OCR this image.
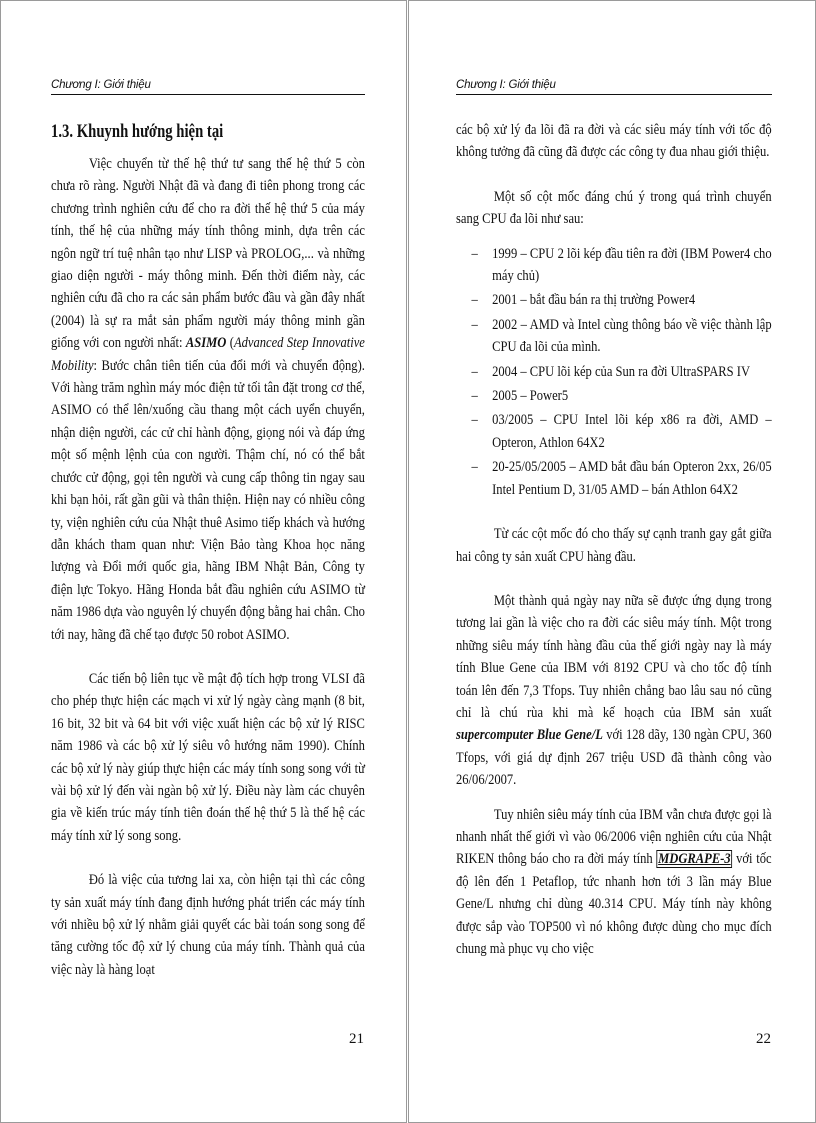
Chương I: Giới thiệu
1.3. Khuynh hướng hiện tại

Việc chuyển từ thế hệ thứ tư sang thế hệ thứ 5 còn chưa rõ ràng. Người Nhật đã và đang đi tiên phong trong các chương trình nghiên cứu để cho ra đời thế hệ thứ 5 của máy tính, thế hệ của những máy tính thông minh, dựa trên các ngôn ngữ trí tuệ nhân tạo như LISP và PROLOG,... và những giao diện người - máy thông minh. Đến thời điểm này, các nghiên cứu đã cho ra các sản phẩm bước đầu và gần đây nhất (2004) là sự ra mắt sản phẩm người máy thông minh gần giống với con người nhất: ASIMO (Advanced Step Innovative Mobility: Bước chân tiên tiến của đổi mới và chuyển động). Với hàng trăm nghìn máy móc điện tử tối tân đặt trong cơ thể, ASIMO có thể lên/xuống cầu thang một cách uyển chuyển, nhận diện người, các cử chỉ hành động, giọng nói và đáp ứng một số mệnh lệnh của con người. Thậm chí, nó có thể bắt chước cử động, gọi tên người và cung cấp thông tin ngay sau khi bạn hỏi, rất gần gũi và thân thiện. Hiện nay có nhiều công ty, viện nghiên cứu của Nhật thuê Asimo tiếp khách và hướng dẫn khách tham quan như: Viện Bảo tàng Khoa học năng lượng và Đổi mới quốc gia, hãng IBM Nhật Bản, Công ty điện lực Tokyo. Hãng Honda bắt đầu nghiên cứu ASIMO từ năm 1986 dựa vào nguyên lý chuyển động bằng hai chân. Cho tới nay, hãng đã chế tạo được 50 robot ASIMO.

Các tiến bộ liên tục về mật độ tích hợp trong VLSI đã cho phép thực hiện các mạch vi xử lý ngày càng mạnh (8 bit, 16 bit, 32 bit và 64 bit với việc xuất hiện các bộ xử lý RISC năm 1986 và các bộ xử lý siêu vô hướng năm 1990). Chính các bộ xử lý này giúp thực hiện các máy tính song song với từ vài bộ xử lý đến vài ngàn bộ xử lý. Điều này làm các chuyên gia về kiến trúc máy tính tiên đoán thế hệ thứ 5 là thế hệ các máy tính xử lý song song.

Đó là việc của tương lai xa, còn hiện tại thì các công ty sản xuất máy tính đang định hướng phát triển các máy tính với nhiều bộ xử lý nhằm giải quyết các bài toán song song để tăng cường tốc độ xử lý chung của máy tính. Thành quả của việc này là hàng loạt

21
Chương I: Giới thiệu

các bộ xử lý đa lõi đã ra đời và các siêu máy tính với tốc độ không tưởng đã cũng đã được các công ty đua nhau giới thiệu.

Một số cột mốc đáng chú ý trong quá trình chuyển sang CPU đa lõi như sau:

– 1999 – CPU 2 lõi kép đầu tiên ra đời (IBM Power4 cho máy chủ)
– 2001 – bắt đầu bán ra thị trường Power4
– 2002 – AMD và Intel cùng thông báo về việc thành lập CPU đa lõi của mình.
– 2004 – CPU lõi kép của Sun ra đời UltraSPARS IV
– 2005 – Power5
– 03/2005 – CPU Intel lõi kép x86 ra đời, AMD – Opteron, Athlon 64X2
– 20-25/05/2005 – AMD bắt đầu bán Opteron 2xx, 26/05 Intel Pentium D, 31/05 AMD – bán Athlon 64X2

Từ các cột mốc đó cho thấy sự cạnh tranh gay gắt giữa hai công ty sản xuất CPU hàng đầu.

Một thành quả ngày nay nữa sẽ được ứng dụng trong tương lai gần là việc cho ra đời các siêu máy tính. Một trong những siêu máy tính hàng đầu của thế giới ngày nay là máy tính Blue Gene của IBM với 8192 CPU và cho tốc độ tính toán lên đến 7,3 Tfops. Tuy nhiên chẳng bao lâu sau nó cũng chỉ là chú rùa khi mà kế hoạch của IBM sản xuất supercomputer Blue Gene/L với 128 dãy, 130 ngàn CPU, 360 Tfops, với giá dự định 267 triệu USD đã thành công vào 26/06/2007.

Tuy nhiên siêu máy tính của IBM vẫn chưa được gọi là nhanh nhất thế giới vì vào 06/2006 viện nghiên cứu của Nhật RIKEN thông báo cho ra đời máy tính MDGRAPE-3 với tốc độ lên đến 1 Petaflop, tức nhanh hơn tới 3 lần máy Blue Gene/L nhưng chỉ dùng 40.314 CPU. Máy tính này không được sắp vào TOP500 vì nó không được dùng cho mục đích chung mà phục vụ cho việc

22
